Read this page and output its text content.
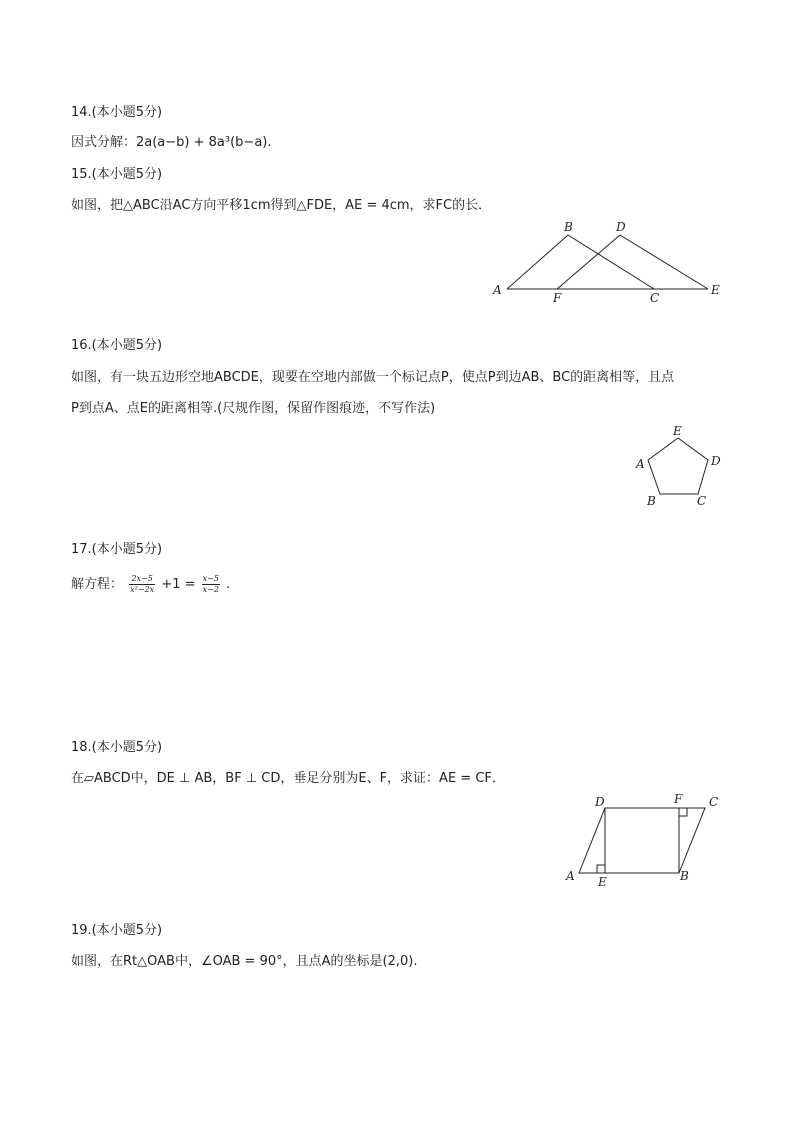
14.(本小题5分)
因式分解：2a(a−b) + 8a³(b−a).
15.(本小题5分)
如图，把△ABC沿AC方向平移1cm得到△FDE，AE = 4cm，求FC的长．
A
B
C
D
E
F
16.(本小题5分)
如图，有一块五边形空地ABCDE，现要在空地内部做一个标记点P，使点P到边AB、BC的距离相等，且点
P到点A、点E的距离相等.(尺规作图，保留作图痕迹，不写作法)
E
D
A
B	C
17.(本小题5分)
解方程： $\frac{2x-5}{\text{x²−2x}} +1 = \frac{x-5}{x-2}$ .
18.(本小题5分)
在▱ABCD中，DE ⊥ AB，BF ⊥ CD，垂足分别为E、F，求证：AE = CF．
A	B
C
D
E
F
19.(本小题5分)
如图，在Rt△OAB中，∠OAB = 90°，且点A的坐标是(2,0).
